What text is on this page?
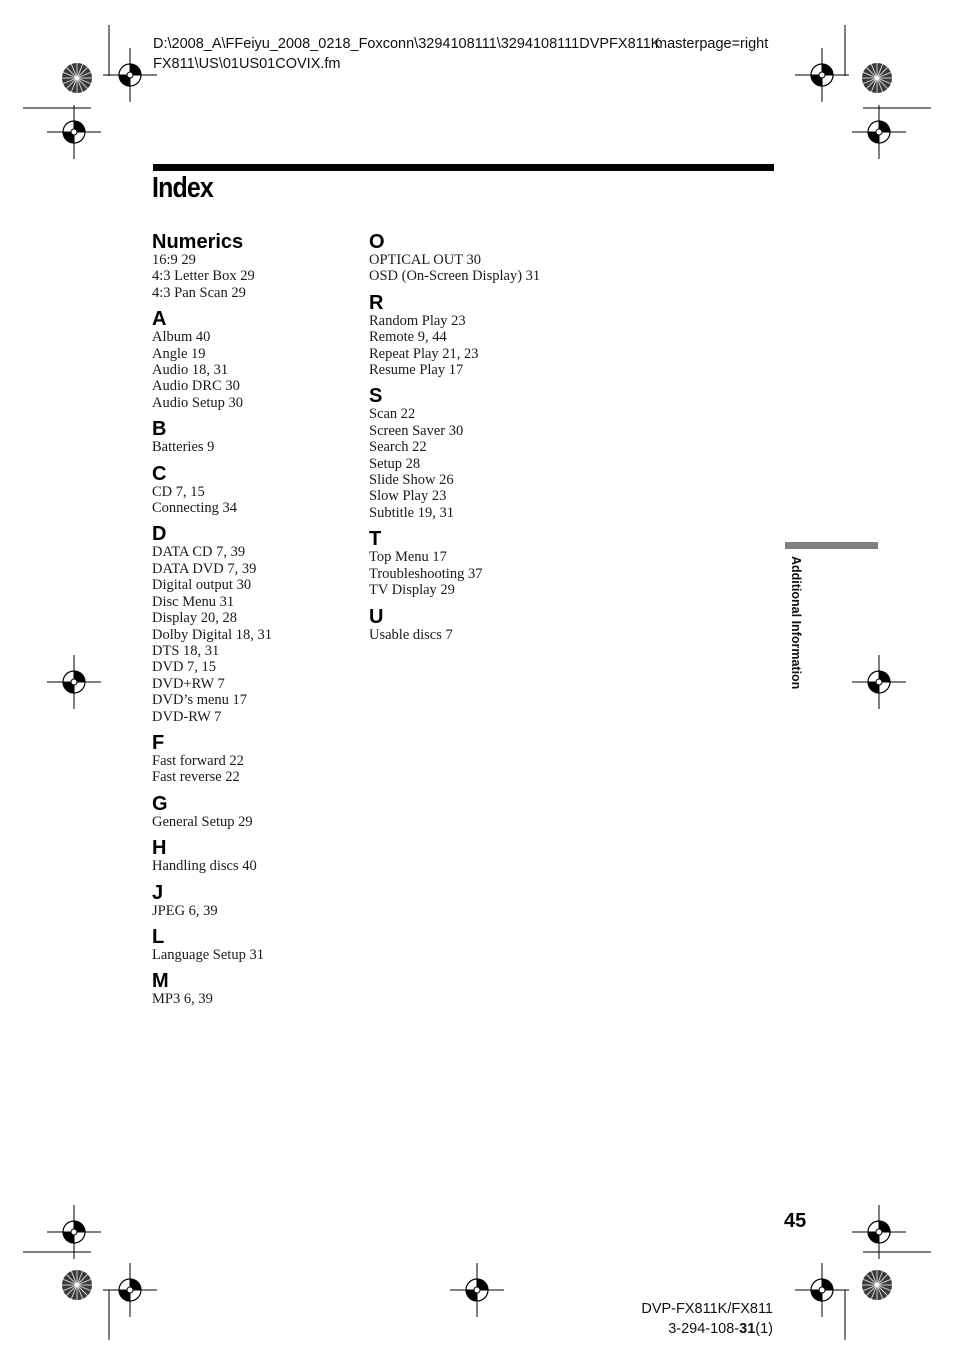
D:\2008_A\FFeiyu_2008_0218_Foxconn\3294108111\3294108111DVPFX811K
FX811\US\01US01COVIX.fm
masterpage=right
Index
Numerics
16:9 29
4:3 Letter Box 29
4:3 Pan Scan 29
A
Album 40
Angle 19
Audio 18, 31
Audio DRC 30
Audio Setup 30
B
Batteries 9
C
CD 7, 15
Connecting 34
D
DATA CD 7, 39
DATA DVD 7, 39
Digital output 30
Disc Menu 31
Display 20, 28
Dolby Digital 18, 31
DTS 18, 31
DVD 7, 15
DVD+RW 7
DVD’s menu 17
DVD-RW 7
F
Fast forward 22
Fast reverse 22
G
General Setup 29
H
Handling discs 40
J
JPEG 6, 39
L
Language Setup 31
M
MP3 6, 39
O
OPTICAL OUT 30
OSD (On-Screen Display) 31
R
Random Play 23
Remote 9, 44
Repeat Play 21, 23
Resume Play 17
S
Scan 22
Screen Saver 30
Search 22
Setup 28
Slide Show 26
Slow Play 23
Subtitle 19, 31
T
Top Menu 17
Troubleshooting 37
TV Display 29
U
Usable discs 7	Additional Information
45
DVP-FX811K/FX811
3-294-108-31(1)
